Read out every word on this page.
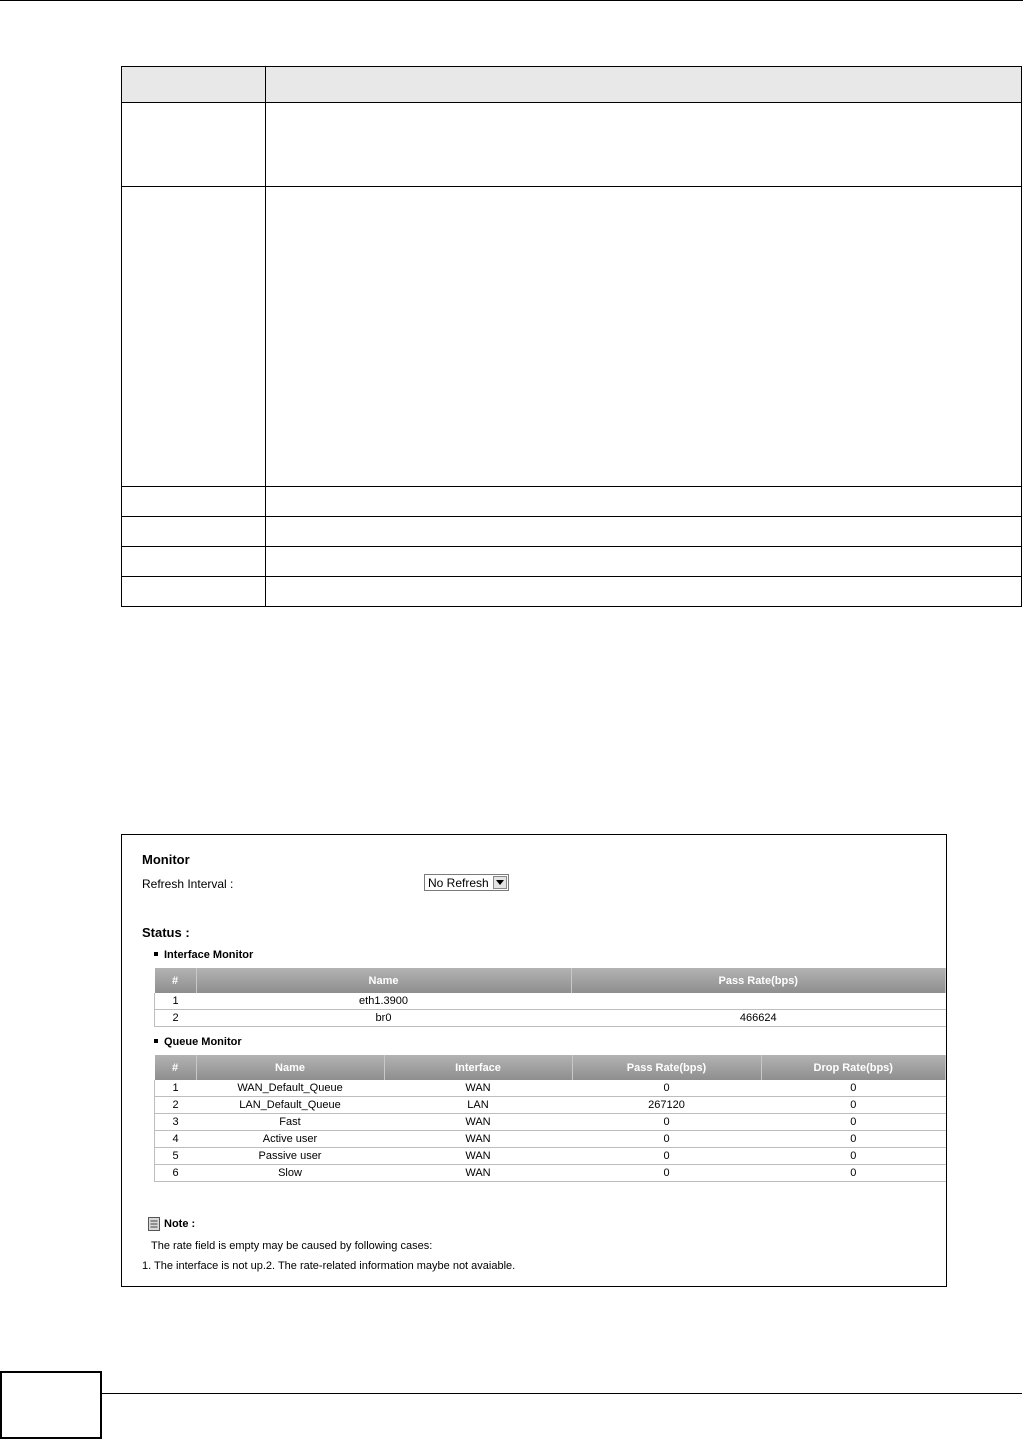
Monitor
Refresh Interval :	No Refresh
Status :
Interface Monitor
#	Name	Pass Rate(bps)
1	eth1.3900	
2	br0	466624
Queue Monitor
#	Name	Interface	Pass Rate(bps)	Drop Rate(bps)
1	WAN_Default_Queue	WAN	0	0
2	LAN_Default_Queue	LAN	267120	0
3	Fast	WAN	0	0
4	Active user	WAN	0	0
5	Passive user	WAN	0	0
6	Slow	WAN	0	0
Note :
The rate field is empty may be caused by following cases:
1. The interface is not up.2. The rate-related information maybe not avaiable.
